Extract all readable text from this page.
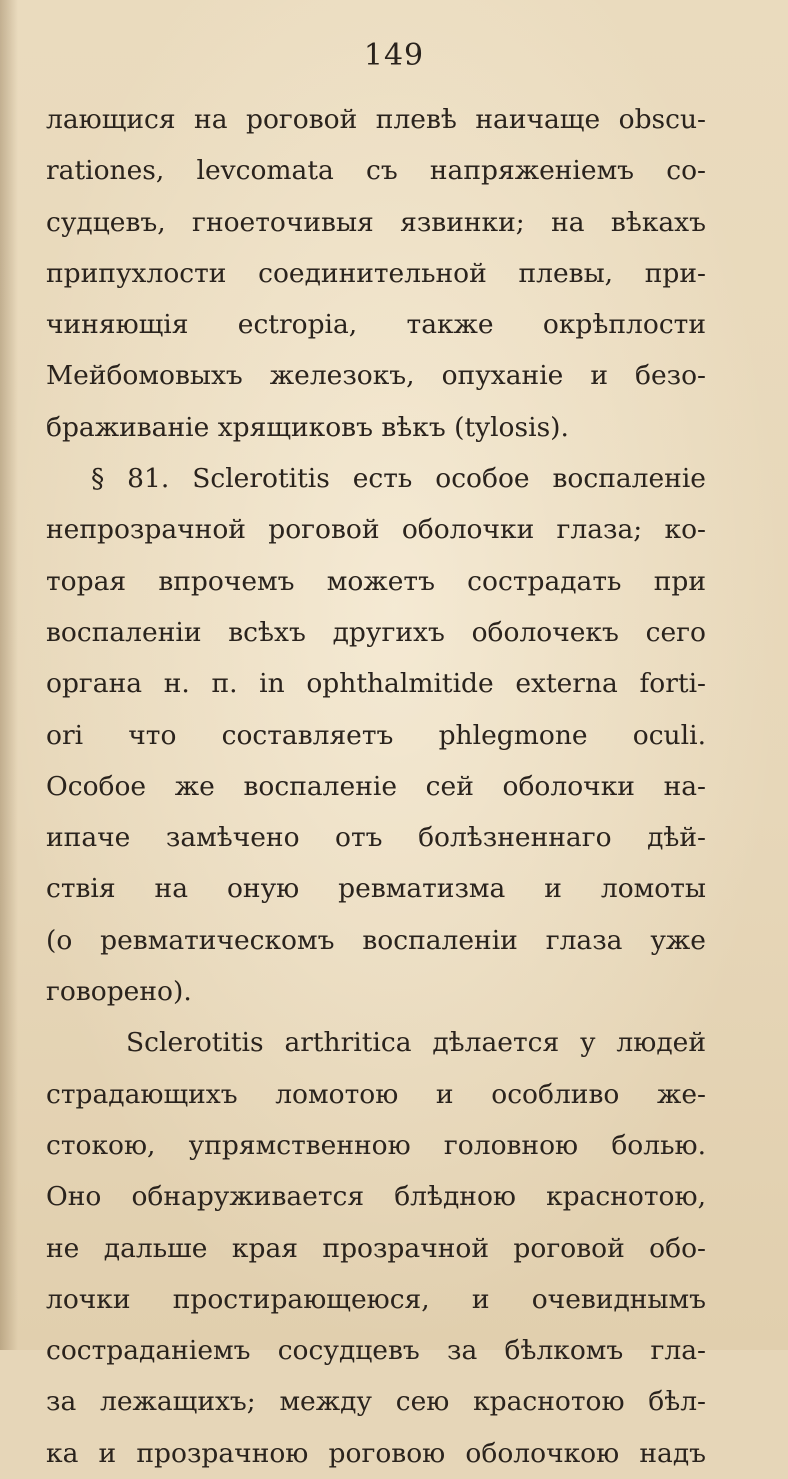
149
лающися на роговой плевѣ наичаще obscu-
rationes, levcomata съ напряженіемъ со-
судцевъ, гноеточивыя язвинки; на вѣкахъ
припухлости соединительной плевы, при-
чиняющія ectropia, также окрѣплости
Мейбомовыхъ железокъ, опуханіе и безо-
браживаніе хрящиковъ вѣкъ (tylosis).
§ 81. Sclerotitis есть особое воспаленіе
непрозрачной роговой оболочки глаза; ко-
торая впрочемъ можетъ сострадать при
воспаленіи всѣхъ другихъ оболочекъ сего
органа н. п. in ophthalmitide externa forti-
ori что составляетъ phlegmone oculi.
Особое же воспаленіе сей оболочки на-
ипаче замѣчено отъ болѣзненнаго дѣй-
ствія на оную ревматизма и ломоты
(о ревматическомъ воспаленіи глаза уже
говорено).
Sclerotitis arthritica дѣлается у людей
страдающихъ ломотою и особливо же-
стокою, упрямственною головною болью.
Оно обнаруживается блѣдною краснотою,
не дальше края прозрачной роговой обо-
лочки простирающеюся, и очевиднымъ
состраданіемъ сосудцевъ за бѣлкомъ гла-
за лежащихъ; между сею краснотою бѣл-
ка и прозрачною роговою оболочкою надъ
